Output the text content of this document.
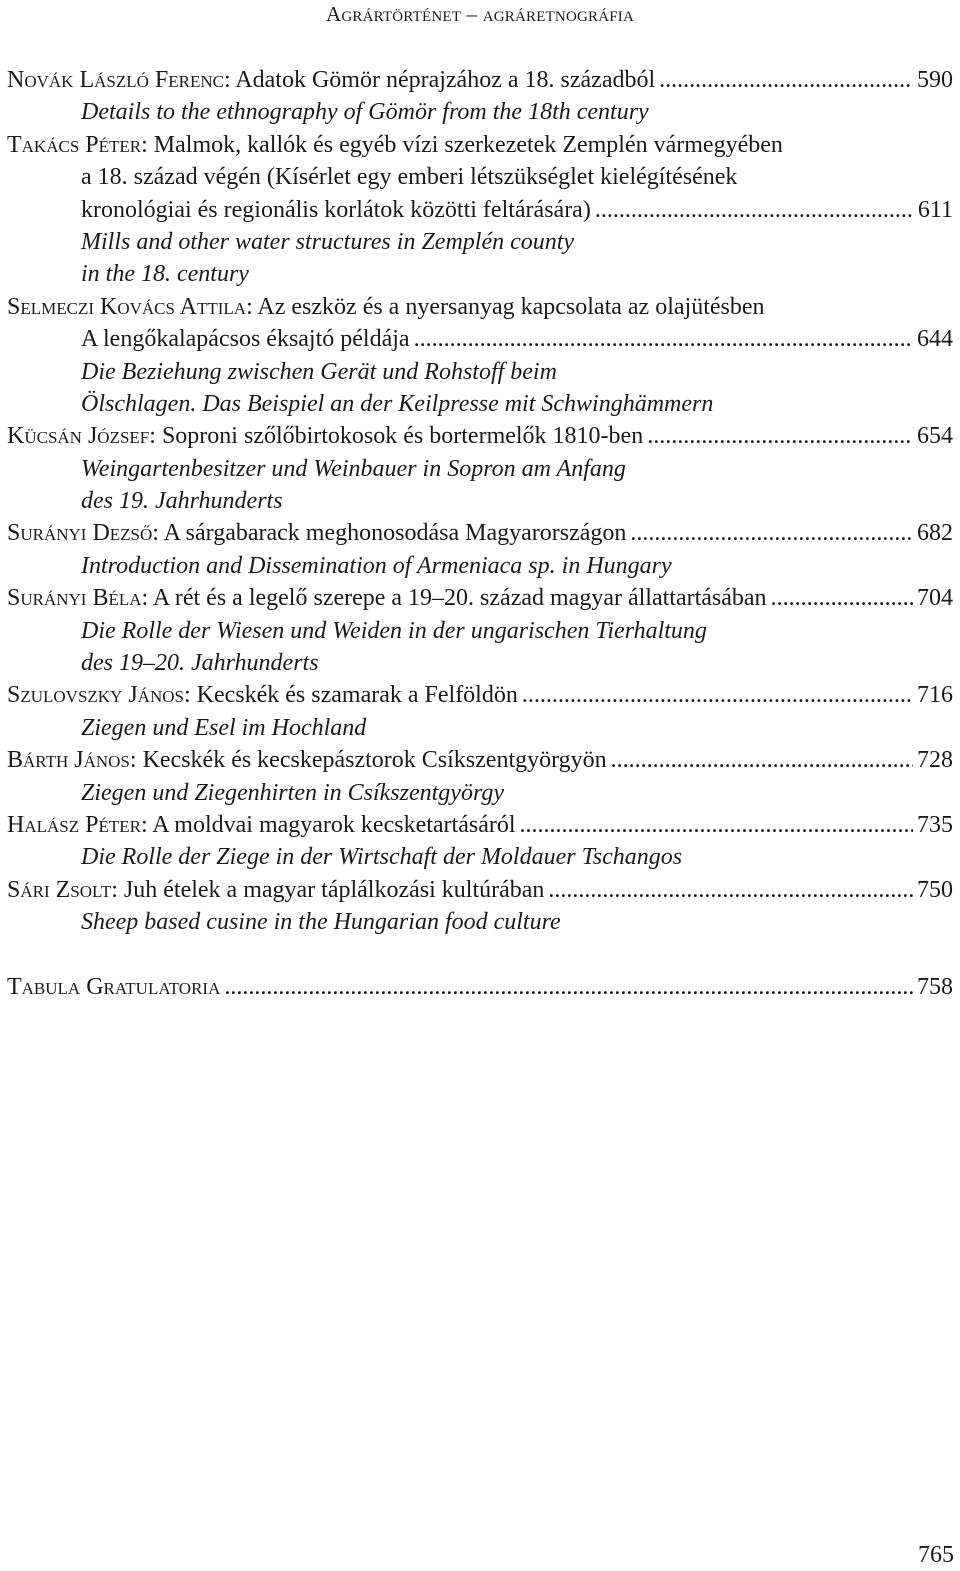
Agrártörténet – agráretnográfia
Novák László Ferenc: Adatok Gömör néprajzához a 18. századból .....	590
Details to the ethnography of Gömör from the 18th century
Takács Péter: Malmok, kallók és egyéb vízi szerkezetek Zemplén vármegyében
a 18. század végén (Kísérlet egy emberi létszükséglet kielégítésének
kronológiai és regionális korlátok közötti feltárására) .....	611
Mills and other water structures in Zemplén county
in the 18. century
Selmeczi Kovács Attila: Az eszköz és a nyersanyag kapcsolata az olajütésben
A lengőkalapácsos éksajtó példája .....	644
Die Beziehung zwischen Gerät und Rohstoff beim
Ölschlagen. Das Beispiel an der Keilpresse mit Schwinghämmern
Kücsán József: Soproni szőlőbirtokosok és bortermelők 1810-ben .....	654
Weingartenbesitzer und Weinbauer in Sopron am Anfang
des 19. Jahrhunderts
Surányi Dezső: A sárgabarack meghonosodása Magyarországon .....	682
Introduction and Dissemination of Armeniaca sp. in Hungary
Surányi Béla: A rét és a legelő szerepe a 19–20. század magyar állattartásában .....	704
Die Rolle der Wiesen und Weiden in der ungarischen Tierhaltung
des 19–20. Jahrhunderts
Szulovszky János: Kecskék és szamarak a Felföldön .....	716
Ziegen und Esel im Hochland
Bárth János: Kecskék és kecskepásztorok Csíkszentgyörgyön .....	728
Ziegen und Ziegenhirten in Csíkszentgyörgy
Halász Péter: A moldvai magyarok kecsketartásáról .....	735
Die Rolle der Ziege in der Wirtschaft der Moldauer Tschangos
Sári Zsolt: Juh ételek a magyar táplálkozási kultúrában .....	750
Sheep based cusine in the Hungarian food culture
Tabula Gratulatoria .....	758
765
